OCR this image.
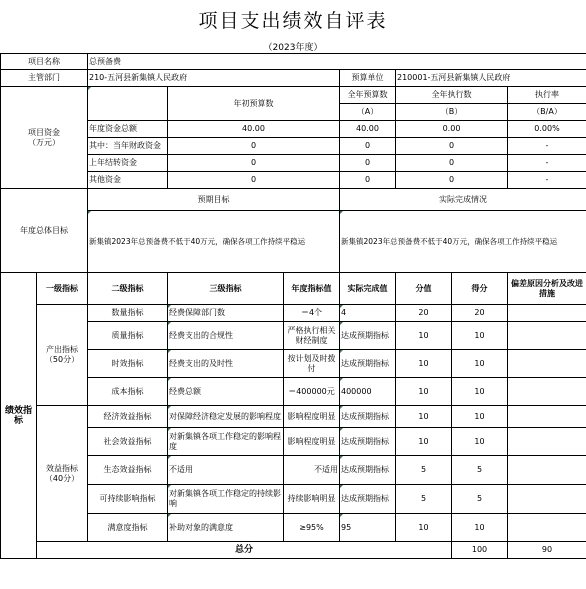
项目支出绩效自评表
（2023年度）
项目名称		总预备费							
主管部门		210-五河县新集镇人民政府			预算单位	210001-五河县新集镇人民政府			
项目资金
（万元）			年初预算数		全年预算数	全年执行数		执行率	
					（A）	（B）		（B/A）	
		年度资金总额	40.00		40.00	0.00		0.00%	
		其中：当年财政资金	0		0	0		-	
		上年结转资金	0		0	0		-	
		其他资金	0		0	0		-	
年度总体目标		预期目标			实际完成情况				
		新集镇2023年总预备费不低于40万元，确保各项工作持续平稳运			新集镇2023年总预备费不低于40万元，确保各项工作持续平稳运				
绩效指标	一级指标	二级指标	三级指标	年度指标值	实际完成值	分值	得分	偏差原因分析及改进措施	
	产出指标（50分）	数量指标	经费保障部门数	＝4个	4	20	20		
		质量指标	经费支出的合规性	严格执行相关财经制度	达成预期指标	10	10		
		时效指标	经费支出的及时性	按计划及时拨付	达成预期指标	10	10		
		成本指标	经费总额	＝400000元	400000	10	10		
	效益指标（40分）	经济效益指标	对保障经济稳定发展的影响程度	影响程度明显	达成预期指标	10	10		
		社会效益指标	对新集镇各项工作稳定的影响程度	影响程度明显	达成预期指标	10	10		
		生态效益指标	不适用	不适用	达成预期指标	5	5		
		可持续影响指标	对新集镇各项工作稳定的持续影响	持续影响明显	达成预期指标	5	5		
		满意度指标	补助对象的满意度	≥95%	95	10	10		
	总分						100	90	
